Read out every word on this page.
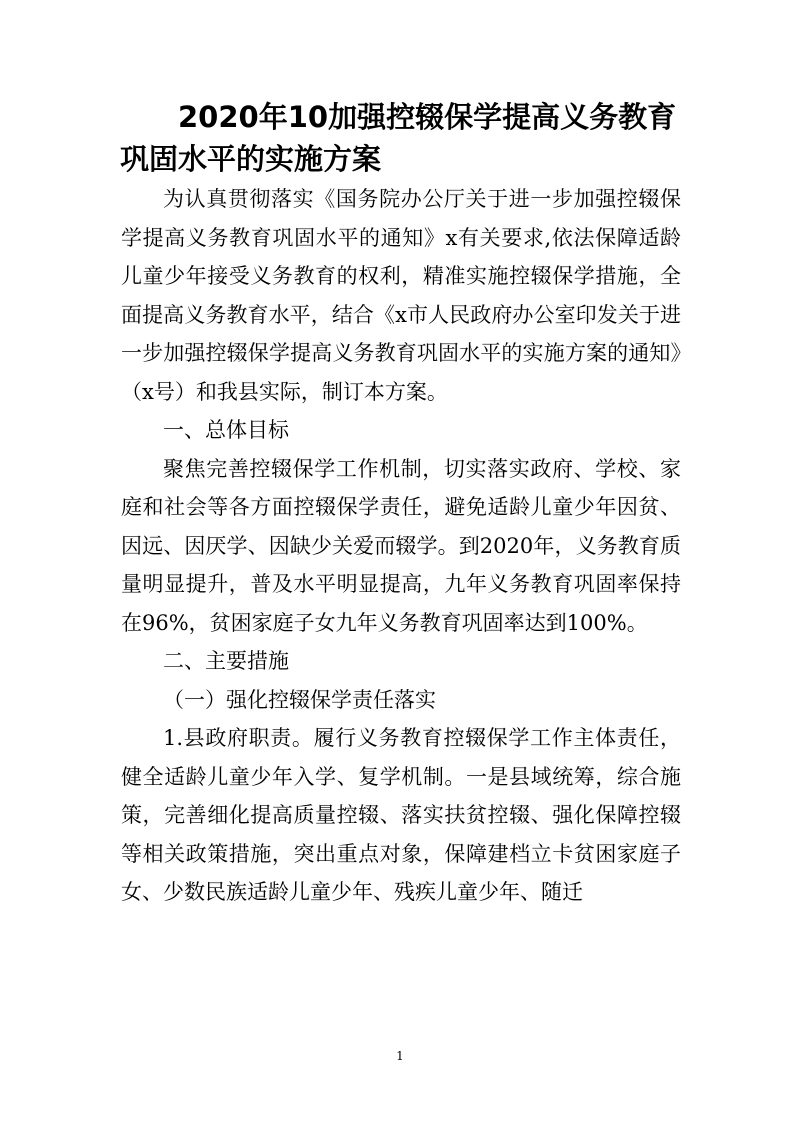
2020年10加强控辍保学提高义务教育
巩固水平的实施方案

为认真贯彻落实《国务院办公厅关于进一步加强控辍保学提高义务教育巩固水平的通知》x有关要求,依法保障适龄儿童少年接受义务教育的权利，精准实施控辍保学措施，全面提高义务教育水平，结合《x市人民政府办公室印发关于进一步加强控辍保学提高义务教育巩固水平的实施方案的通知》（x号）和我县实际，制订本方案。

一、总体目标

聚焦完善控辍保学工作机制，切实落实政府、学校、家庭和社会等各方面控辍保学责任，避免适龄儿童少年因贫、因远、因厌学、因缺少关爱而辍学。到2020年，义务教育质量明显提升，普及水平明显提高，九年义务教育巩固率保持在96%，贫困家庭子女九年义务教育巩固率达到100%。

二、主要措施

（一）强化控辍保学责任落实

1.县政府职责。履行义务教育控辍保学工作主体责任，健全适龄儿童少年入学、复学机制。一是县域统筹，综合施策，完善细化提高质量控辍、落实扶贫控辍、强化保障控辍等相关政策措施，突出重点对象，保障建档立卡贫困家庭子女、少数民族适龄儿童少年、残疾儿童少年、随迁

1
